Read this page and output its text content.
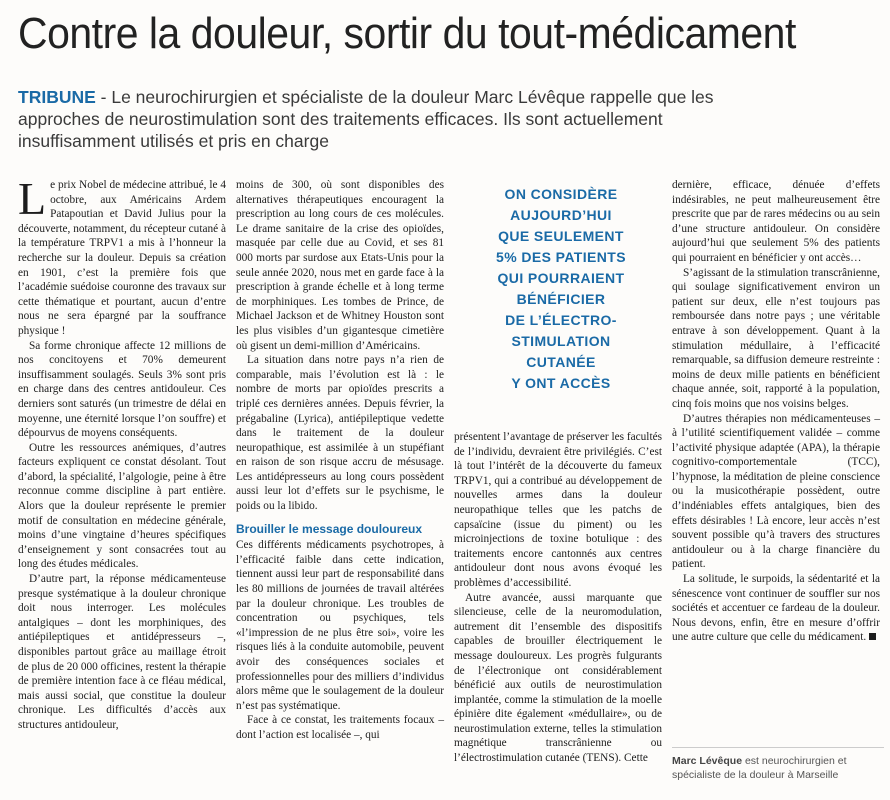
Contre la douleur, sortir du tout-médicament
TRIBUNE - Le neurochirurgien et spécialiste de la douleur Marc Lévêque rappelle que les approches de neurostimulation sont des traitements efficaces. Ils sont actuellement insuffisamment utilisés et pris en charge

Le prix Nobel de médecine attribué, le 4 octobre, aux Américains Ardem Patapoutian et David Julius pour la découverte, notamment, du récepteur cutané à la température TRPV1 a mis à l’honneur la recherche sur la douleur. Depuis sa création en 1901, c’est la première fois que l’académie suédoise couronne des travaux sur cette thématique et pourtant, aucun d’entre nous ne sera épargné par la souffrance physique !

Sa forme chronique affecte 12 millions de nos concitoyens et 70% demeurent insuffisamment soulagés. Seuls 3% sont pris en charge dans des centres antidouleur. Ces derniers sont saturés (un trimestre de délai en moyenne, une éternité lorsque l’on souffre) et dépourvus de moyens conséquents.

Outre les ressources anémiques, d’autres facteurs expliquent ce constat désolant. Tout d’abord, la spécialité, l’algologie, peine à être reconnue comme discipline à part entière. Alors que la douleur représente le premier motif de consultation en médecine générale, moins d’une vingtaine d’heures spécifiques d’enseignement y sont consacrées tout au long des études médicales.

D’autre part, la réponse médicamenteuse presque systématique à la douleur chronique doit nous interroger. Les molécules antalgiques – dont les morphiniques, des antiépileptiques et antidépresseurs –, disponibles partout grâce au maillage étroit de plus de 20 000 officines, restent la thérapie de première intention face à ce fléau médical, mais aussi social, que constitue la douleur chronique. Les difficultés d’accès aux structures antidouleur,

moins de 300, où sont disponibles des alternatives thérapeutiques encouragent la prescription au long cours de ces molécules. Le drame sanitaire de la crise des opioïdes, masquée par celle due au Covid, et ses 81 000 morts par surdose aux Etats-Unis pour la seule année 2020, nous met en garde face à la prescription à grande échelle et à long terme de morphiniques. Les tombes de Prince, de Michael Jackson et de Whitney Houston sont les plus visibles d’un gigantesque cimetière où gisent un demi-million d’Américains.

La situation dans notre pays n’a rien de comparable, mais l’évolution est là : le nombre de morts par opioïdes prescrits a triplé ces dernières années. Depuis février, la prégabaline (Lyrica), antiépileptique vedette dans le traitement de la douleur neuropathique, est assimilée à un stupéfiant en raison de son risque accru de mésusage. Les antidépresseurs au long cours possèdent aussi leur lot d’effets sur le psychisme, le poids ou la libido.

Brouiller le message douloureux

Ces différents médicaments psychotropes, à l’efficacité faible dans cette indication, tiennent aussi leur part de responsabilité dans les 80 millions de journées de travail altérées par la douleur chronique. Les troubles de concentration ou psychiques, tels «l’impression de ne plus être soi», voire les risques liés à la conduite automobile, peuvent avoir des conséquences sociales et professionnelles pour des milliers d’individus alors même que le soulagement de la douleur n’est pas systématique.

Face à ce constat, les traitements focaux – dont l’action est localisée –, qui

ON CONSIDÈRE
AUJOURD’HUI
QUE SEULEMENT
5% DES PATIENTS
QUI POURRAIENT
BÉNÉFICIER
DE L’ÉLECTRO-
STIMULATION
CUTANÉE
Y ONT ACCÈS

présentent l’avantage de préserver les facultés de l’individu, devraient être privilégiés. C’est là tout l’intérêt de la découverte du fameux TRPV1, qui a contribué au développement de nouvelles armes dans la douleur neuropathique telles que les patchs de capsaïcine (issue du piment) ou les microinjections de toxine botulique : des traitements encore cantonnés aux centres antidouleur dont nous avons évoqué les problèmes d’accessibilité.

Autre avancée, aussi marquante que silencieuse, celle de la neuromodulation, autrement dit l’ensemble des dispositifs capables de brouiller électriquement le message douloureux. Les progrès fulgurants de l’électronique ont considérablement bénéficié aux outils de neurostimulation implantée, comme la stimulation de la moelle épinière dite également «médullaire», ou de neurostimulation externe, telles la stimulation magnétique transcrânienne ou l’électrostimulation cutanée (TENS). Cette

dernière, efficace, dénuée d’effets indésirables, ne peut malheureusement être prescrite que par de rares médecins ou au sein d’une structure antidouleur. On considère aujourd’hui que seulement 5% des patients qui pourraient en bénéficier y ont accès…

S’agissant de la stimulation transcrânienne, qui soulage significativement environ un patient sur deux, elle n’est toujours pas remboursée dans notre pays ; une véritable entrave à son développement. Quant à la stimulation médullaire, à l’efficacité remarquable, sa diffusion demeure restreinte : moins de deux mille patients en bénéficient chaque année, soit, rapporté à la population, cinq fois moins que nos voisins belges.

D’autres thérapies non médicamenteuses – à l’utilité scientifiquement validée – comme l’activité physique adaptée (APA), la thérapie cognitivo-comportementale (TCC), l’hypnose, la méditation de pleine conscience ou la musicothérapie possèdent, outre d’indéniables effets antalgiques, bien des effets désirables ! Là encore, leur accès n’est souvent possible qu’à travers des structures antidouleur ou à la charge financière du patient.

La solitude, le surpoids, la sédentarité et la sénescence vont continuer de souffler sur nos sociétés et accentuer ce fardeau de la douleur. Nous devons, enfin, être en mesure d’offrir une autre culture que celle du médicament.

Marc Lévêque est neurochirurgien et spécialiste de la douleur à Marseille
